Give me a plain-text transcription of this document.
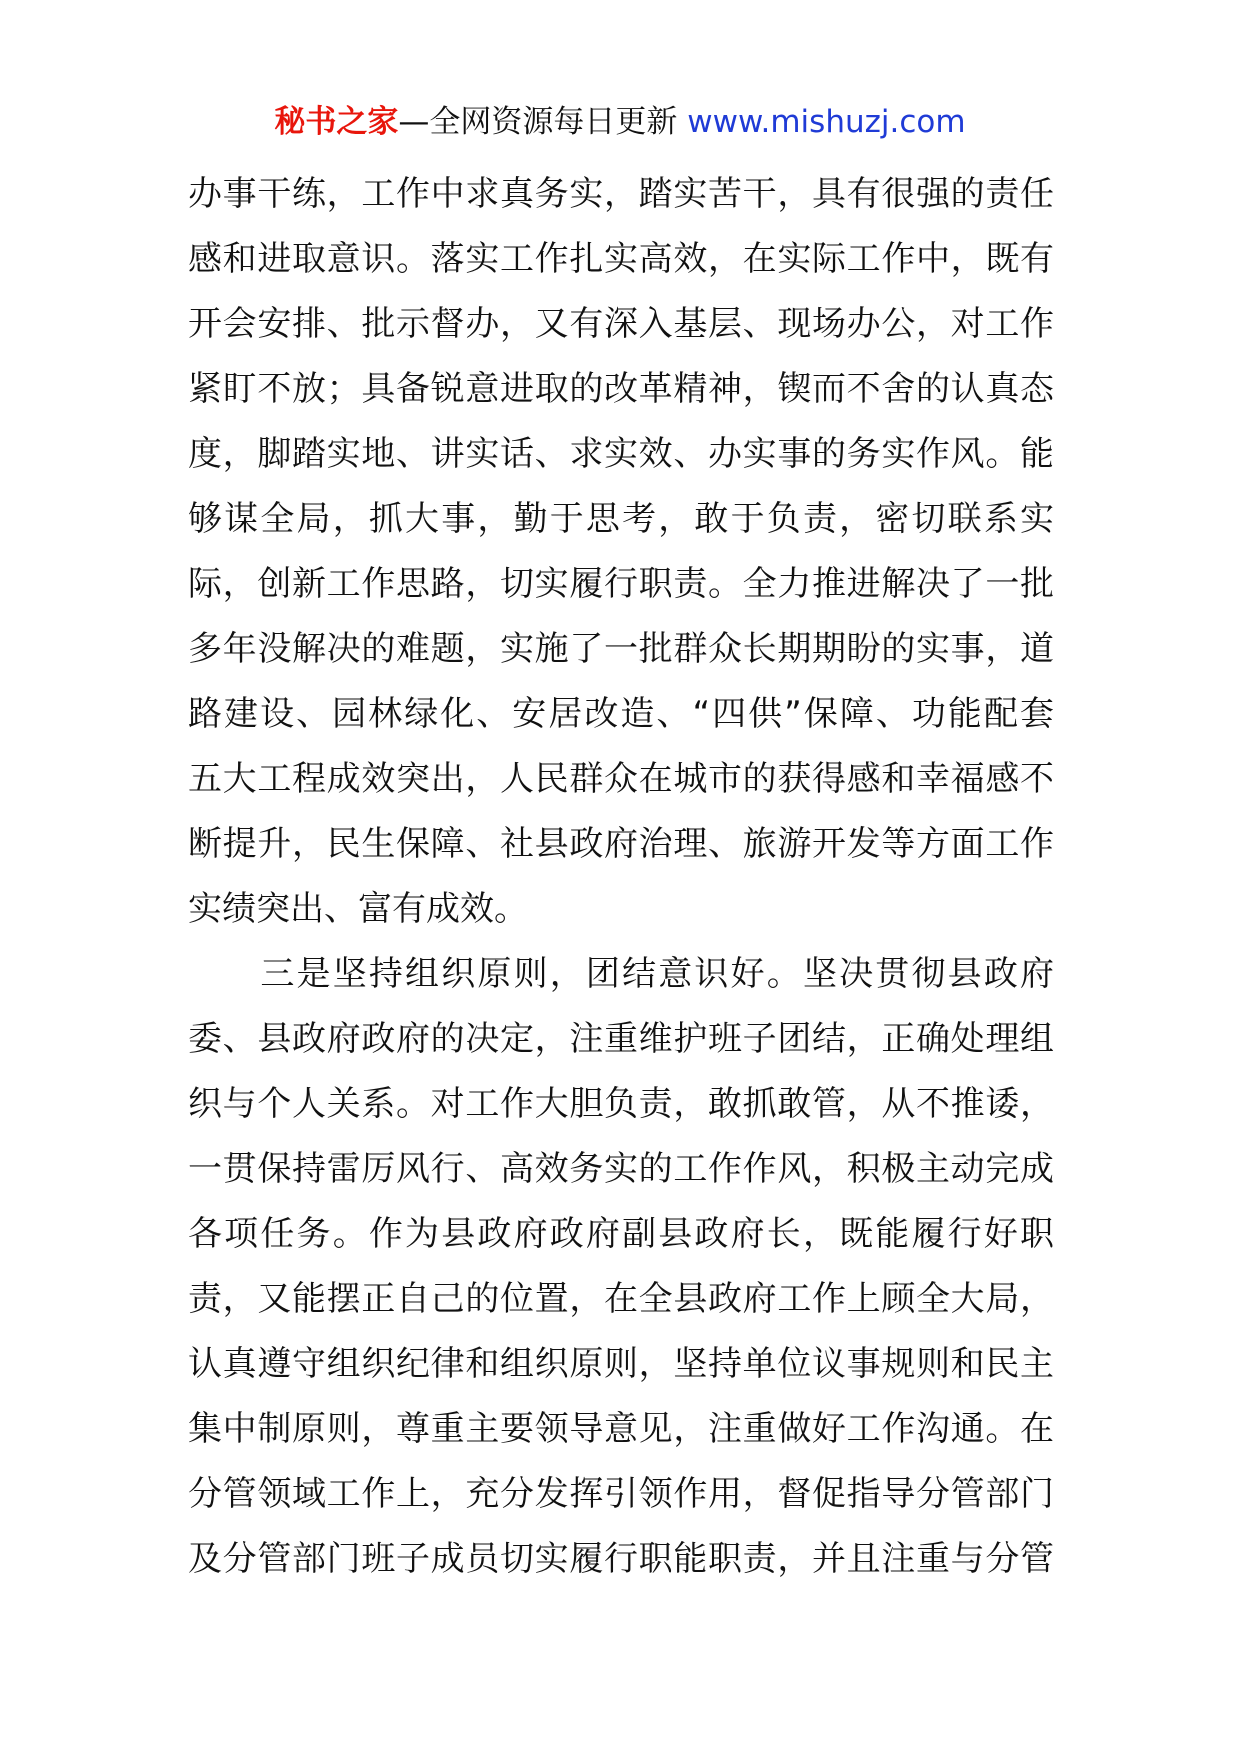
秘书之家—全网资源每日更新 www.mishuzj.com
办事干练，工作中求真务实，踏实苦干，具有很强的责任
感和进取意识。落实工作扎实高效，在实际工作中，既有
开会安排、批示督办，又有深入基层、现场办公，对工作
紧盯不放；具备锐意进取的改革精神，锲而不舍的认真态
度，脚踏实地、讲实话、求实效、办实事的务实作风。能
够谋全局，抓大事，勤于思考，敢于负责，密切联系实
际，创新工作思路，切实履行职责。全力推进解决了一批
多年没解决的难题，实施了一批群众长期期盼的实事，道
路建设、园林绿化、安居改造、“四供”保障、功能配套
五大工程成效突出，人民群众在城市的获得感和幸福感不
断提升，民生保障、社县政府治理、旅游开发等方面工作
实绩突出、富有成效。
　　三是坚持组织原则，团结意识好。坚决贯彻县政府
委、县政府政府的决定，注重维护班子团结，正确处理组
织与个人关系。对工作大胆负责，敢抓敢管，从不推诿，
一贯保持雷厉风行、高效务实的工作作风，积极主动完成
各项任务。作为县政府政府副县政府长，既能履行好职
责，又能摆正自己的位置，在全县政府工作上顾全大局，
认真遵守组织纪律和组织原则，坚持单位议事规则和民主
集中制原则，尊重主要领导意见，注重做好工作沟通。在
分管领域工作上，充分发挥引领作用，督促指导分管部门
及分管部门班子成员切实履行职能职责，并且注重与分管
